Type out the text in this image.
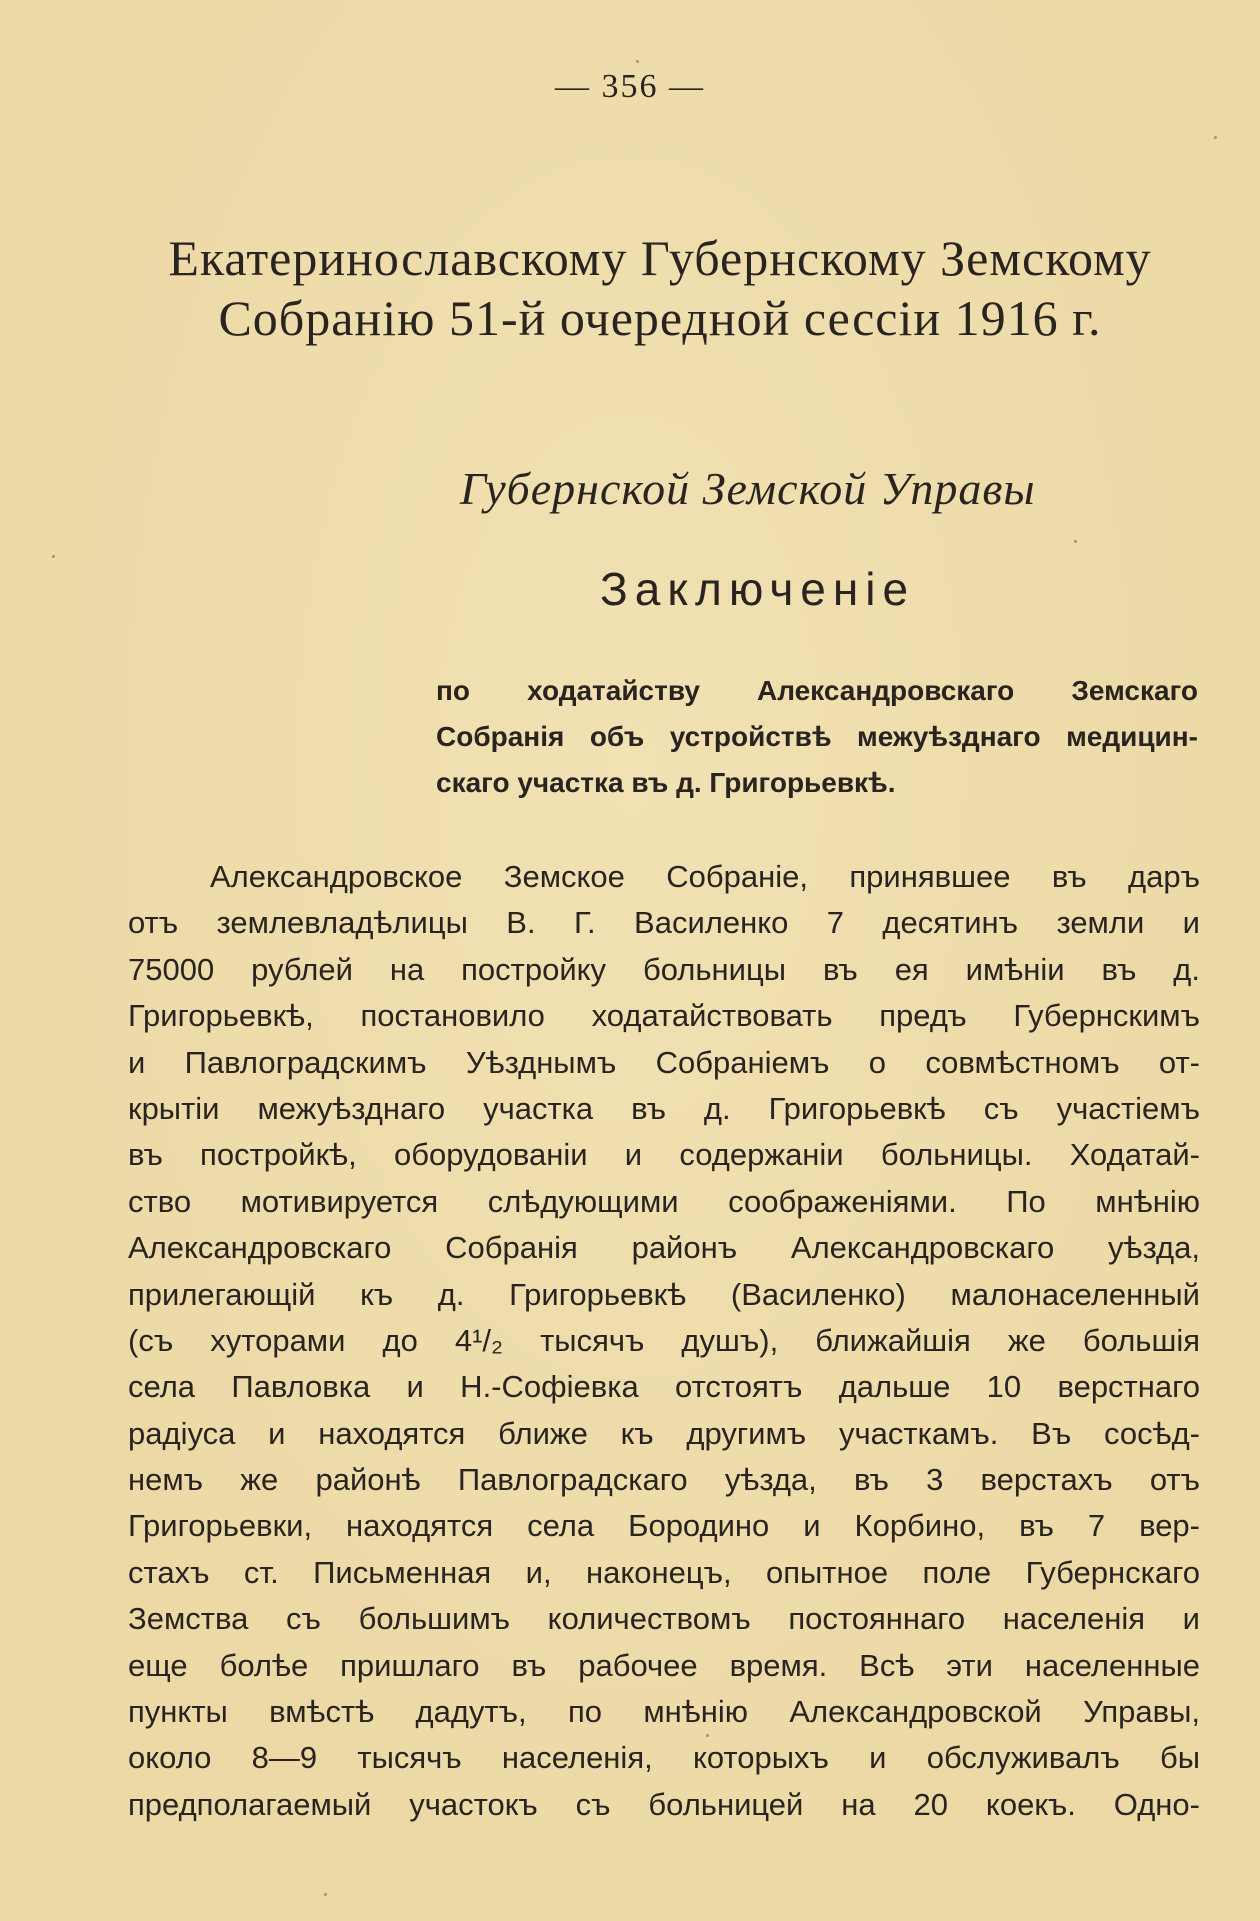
— 356 —
Екатеринославскому Губернскому Земскому
Собранію 51-й очередной сессіи 1916 г.
Губернской Земской Управы
Заключеніе
по ходатайству Александровскаго Земскаго
Собранія объ устройствѣ межуѣзднаго медицин-
скаго участка въ д. Григорьевкѣ.
Александровское Земское Собраніе, принявшее въ даръ
отъ землевладѣлицы В. Г. Василенко 7 десятинъ земли и
75000 рублей на постройку больницы въ ея имѣніи въ д.
Григорьевкѣ, постановило ходатайствовать предъ Губернскимъ
и Павлоградскимъ Уѣзднымъ Собраніемъ о совмѣстномъ от-
крытіи межуѣзднаго участка въ д. Григорьевкѣ съ участіемъ
въ постройкѣ, оборудованіи и содержаніи больницы. Ходатай-
ство мотивируется слѣдующими соображеніями. По мнѣнію
Александровскаго Собранія районъ Александровскаго уѣзда,
прилегающій къ д. Григорьевкѣ (Василенко) малонаселенный
(съ хуторами до 4¹/₂ тысячъ душъ), ближайшія же большія
села Павловка и Н.-Софіевка отстоятъ дальше 10 верстнаго
радіуса и находятся ближе къ другимъ участкамъ. Въ сосѣд-
немъ же районѣ Павлоградскаго уѣзда, въ 3 верстахъ отъ
Григорьевки, находятся села Бородино и Корбино, въ 7 вер-
стахъ ст. Письменная и, наконецъ, опытное поле Губернскаго
Земства съ большимъ количествомъ постояннаго населенія и
еще болѣе пришлаго въ рабочее время. Всѣ эти населенные
пункты вмѣстѣ дадутъ, по мнѣнію Александровской Управы,
около 8—9 тысячъ населенія, которыхъ и обслуживалъ бы
предполагаемый участокъ съ больницей на 20 коекъ. Одно-
